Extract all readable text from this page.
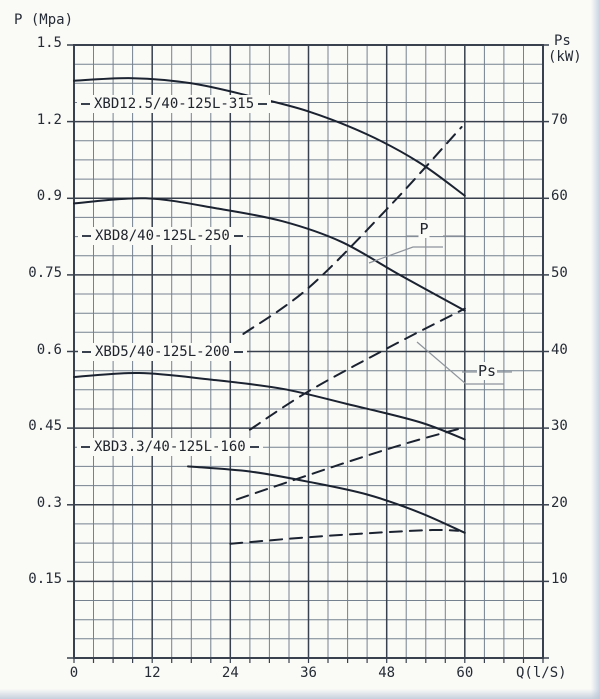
P (Mpa)
Ps
(kW)
Q(l/S)
1.5
1.2
0.9
0.75
0.6
0.45
0.3
0.15
70
60
50
40
30
20
10
0	12	24	36	48	60
XBD12.5/40-125L-315
XBD8/40-125L-250
XBD5/40-125L-200
XBD3.3/40-125L-160
P
Ps
